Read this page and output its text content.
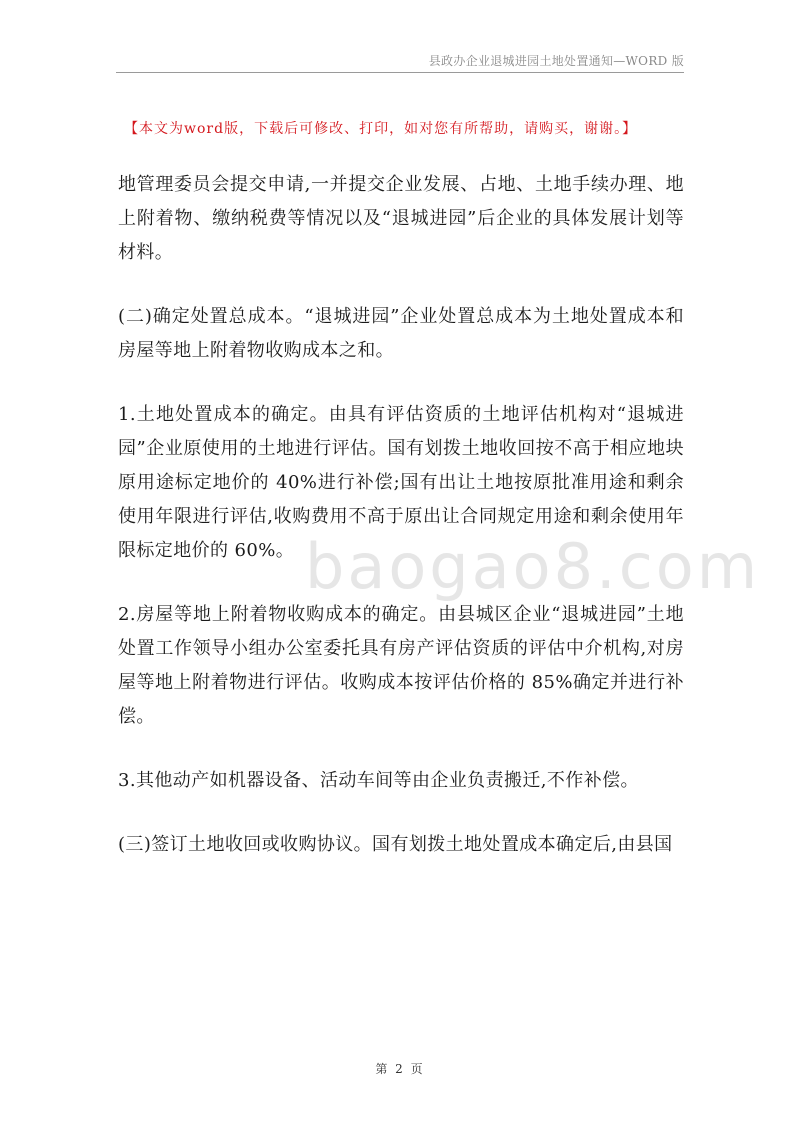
县政办企业退城进园土地处置通知—WORD 版
【本文为word版，下载后可修改、打印，如对您有所帮助，请购买，谢谢。】
baogao8.com

地管理委员会提交申请,一并提交企业发展、占地、土地手续办理、地上附着物、缴纳税费等情况以及“退城进园”后企业的具体发展计划等材料。

(二)确定处置总成本。“退城进园”企业处置总成本为土地处置成本和房屋等地上附着物收购成本之和。

1.土地处置成本的确定。由具有评估资质的土地评估机构对“退城进园”企业原使用的土地进行评估。国有划拨土地收回按不高于相应地块原用途标定地价的 40%进行补偿;国有出让土地按原批准用途和剩余使用年限进行评估,收购费用不高于原出让合同规定用途和剩余使用年限标定地价的 60%。

2.房屋等地上附着物收购成本的确定。由县城区企业“退城进园”土地处置工作领导小组办公室委托具有房产评估资质的评估中介机构,对房屋等地上附着物进行评估。收购成本按评估价格的 85%确定并进行补偿。

3.其他动产如机器设备、活动车间等由企业负责搬迁,不作补偿。

(三)签订土地收回或收购协议。国有划拨土地处置成本确定后,由县国

第 2 页
